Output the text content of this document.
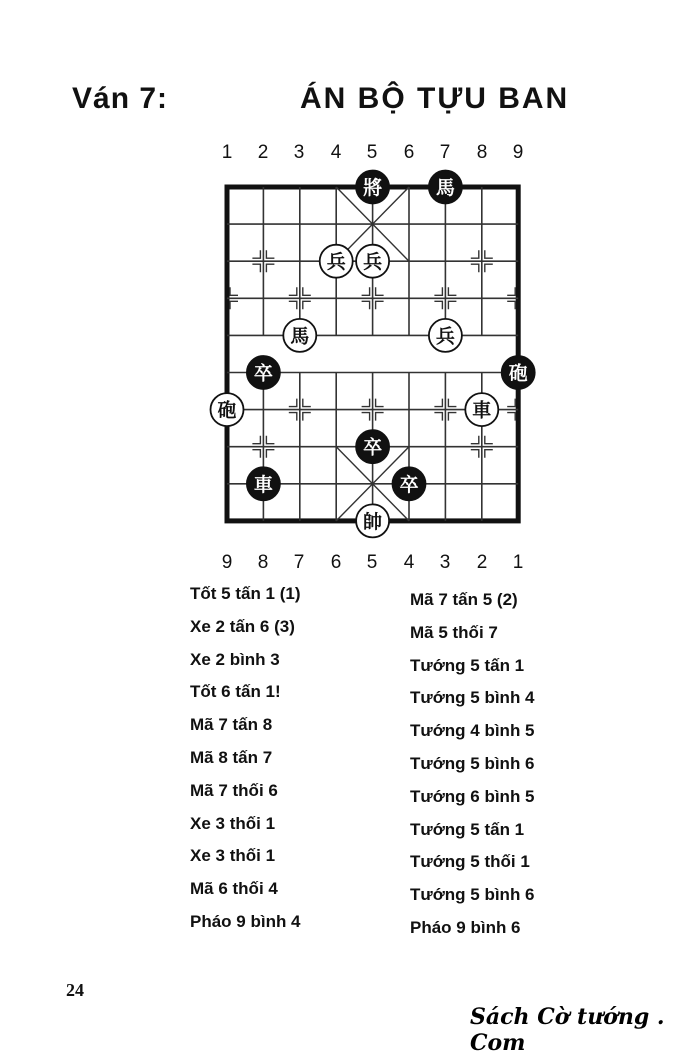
Ván 7:	ÁN BỘ TỰU BAN
1 2 3 4 5 6 7 8 9
將	馬
兵 兵
馬	兵
卒	砲
砲	車
卒
車	卒
帥
9 8 7 6 5 4 3 2 1
Tốt 5 tấn 1 (1)
Xe 2 tấn 6 (3)
Xe 2 bình 3
Tốt 6 tấn 1!
Mã 7 tấn 8
Mã 8 tấn 7
Mã 7 thối 6
Xe 3 thối 1
Xe 3 thối 1
Mã 6 thối 4
Pháo 9 bình 4
Mã 7 tấn 5 (2)
Mã 5 thối 7
Tướng 5 tấn 1
Tướng 5 bình 4
Tướng 4 bình 5
Tướng 5 bình 6
Tướng 6 bình 5
Tướng 5 tấn 1
Tướng 5 thối 1
Tướng 5 bình 6
Pháo 9 bình 6
24
Sách Cờ tướng . Com
